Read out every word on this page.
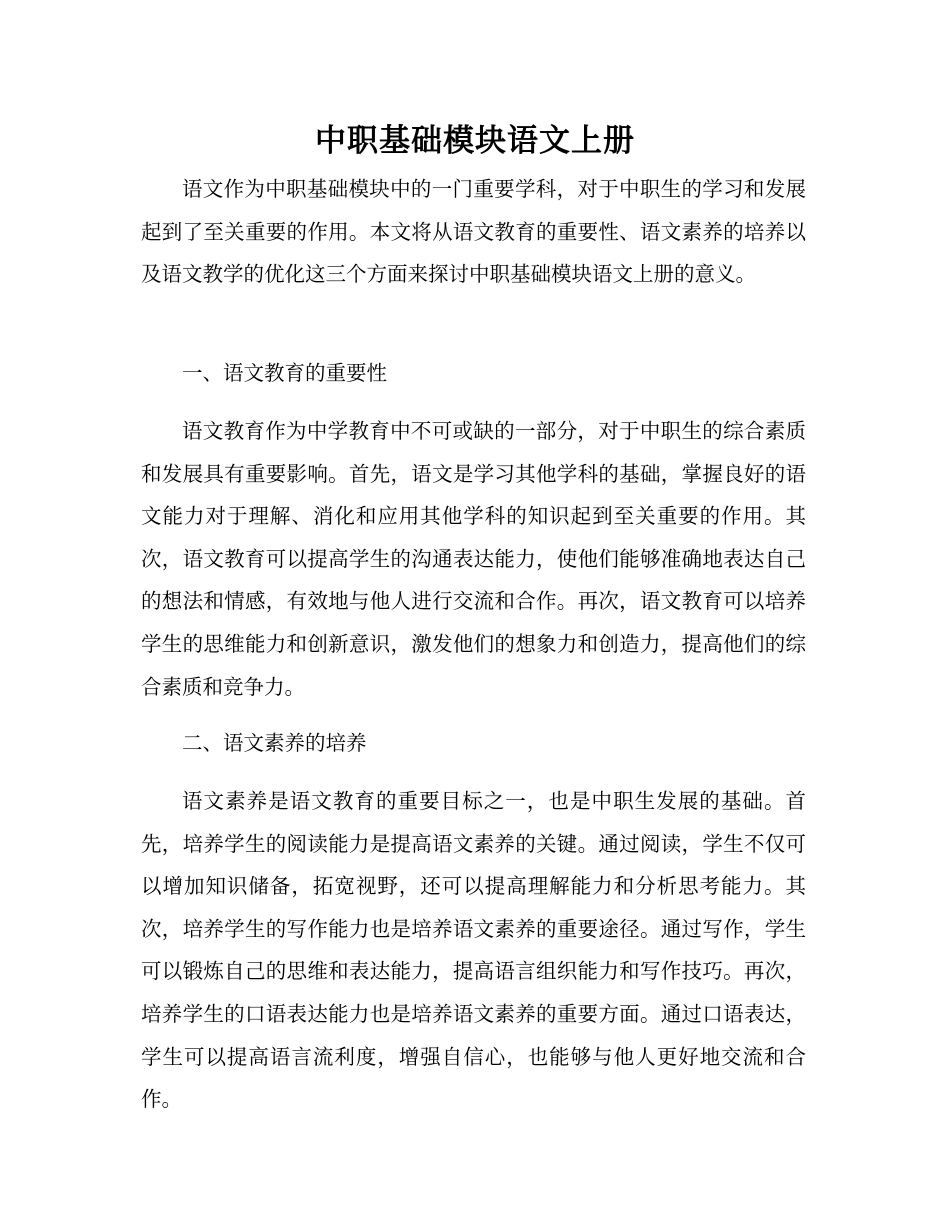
中职基础模块语文上册

语文作为中职基础模块中的一门重要学科，对于中职生的学习和发展起到了至关重要的作用。本文将从语文教育的重要性、语文素养的培养以及语文教学的优化这三个方面来探讨中职基础模块语文上册的意义。

一、语文教育的重要性

语文教育作为中学教育中不可或缺的一部分，对于中职生的综合素质和发展具有重要影响。首先，语文是学习其他学科的基础，掌握良好的语文能力对于理解、消化和应用其他学科的知识起到至关重要的作用。其次，语文教育可以提高学生的沟通表达能力，使他们能够准确地表达自己的想法和情感，有效地与他人进行交流和合作。再次，语文教育可以培养学生的思维能力和创新意识，激发他们的想象力和创造力，提高他们的综合素质和竞争力。

二、语文素养的培养

语文素养是语文教育的重要目标之一，也是中职生发展的基础。首先，培养学生的阅读能力是提高语文素养的关键。通过阅读，学生不仅可以增加知识储备，拓宽视野，还可以提高理解能力和分析思考能力。其次，培养学生的写作能力也是培养语文素养的重要途径。通过写作，学生可以锻炼自己的思维和表达能力，提高语言组织能力和写作技巧。再次，培养学生的口语表达能力也是培养语文素养的重要方面。通过口语表达，学生可以提高语言流利度，增强自信心，也能够与他人更好地交流和合作。
